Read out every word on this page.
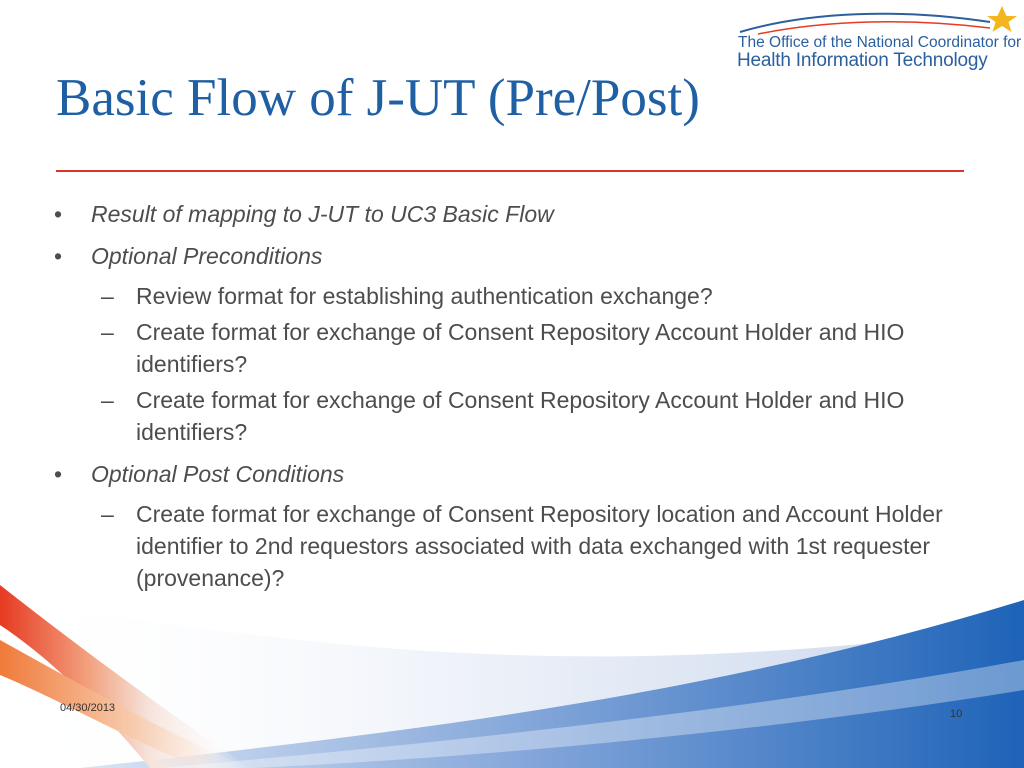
The Office of the National Coordinator for
Health Information Technology
Basic Flow of J-UT (Pre/Post)
• Result of mapping to J-UT to UC3 Basic Flow
• Optional Preconditions
– Review format for establishing authentication exchange?
– Create format for exchange of Consent Repository Account Holder and HIO identifiers?
– Create format for exchange of Consent Repository Account Holder and HIO identifiers?
• Optional Post Conditions
– Create format for exchange of Consent Repository location and Account Holder identifier to 2nd requestors associated with data exchanged with 1st requester (provenance)?
04/30/2013	10
